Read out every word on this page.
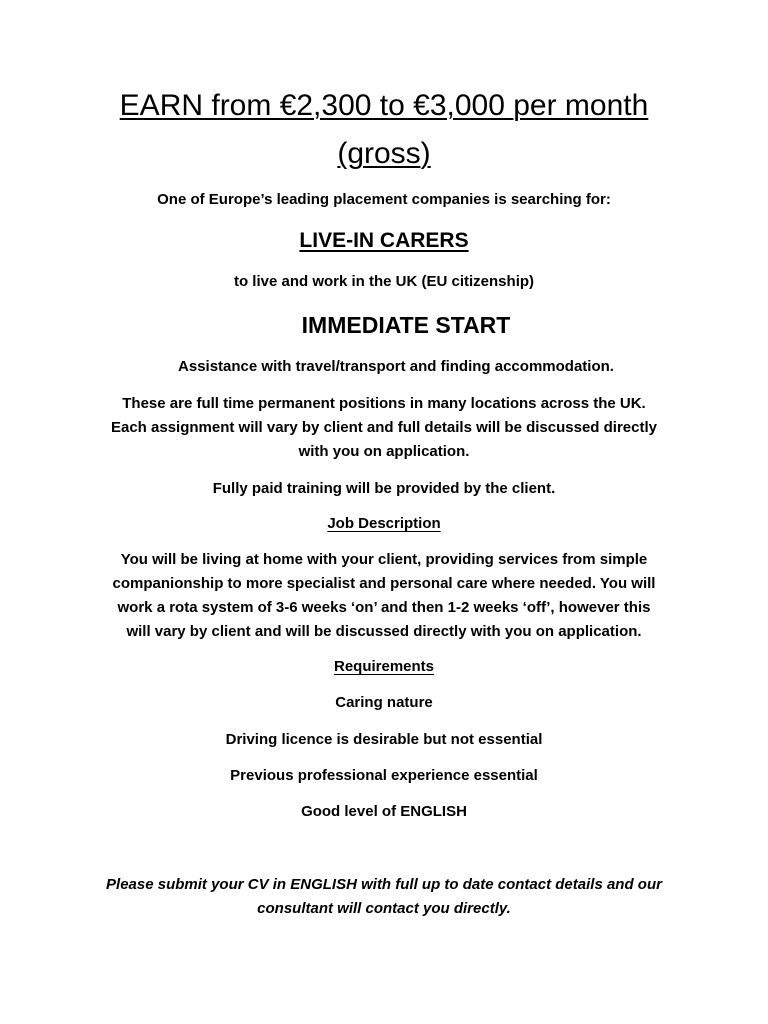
EARN from €2,300 to €3,000 per month
(gross)
One of Europe’s leading placement companies is searching for:
LIVE-IN CARERS
to live and work in the UK (EU citizenship)
IMMEDIATE START
Assistance with travel/transport and finding accommodation.
These are full time permanent positions in many locations across the UK.
Each assignment will vary by client and full details will be discussed directly
with you on application.
Fully paid training will be provided by the client.
Job Description
You will be living at home with your client, providing services from simple
companionship to more specialist and personal care where needed. You will
work a rota system of 3-6 weeks ‘on’ and then 1-2 weeks ‘off’, however this
will vary by client and will be discussed directly with you on application.
Requirements
Caring nature
Driving licence is desirable but not essential
Previous professional experience essential
Good level of ENGLISH
Please submit your CV in ENGLISH with full up to date contact details and our
consultant will contact you directly.
